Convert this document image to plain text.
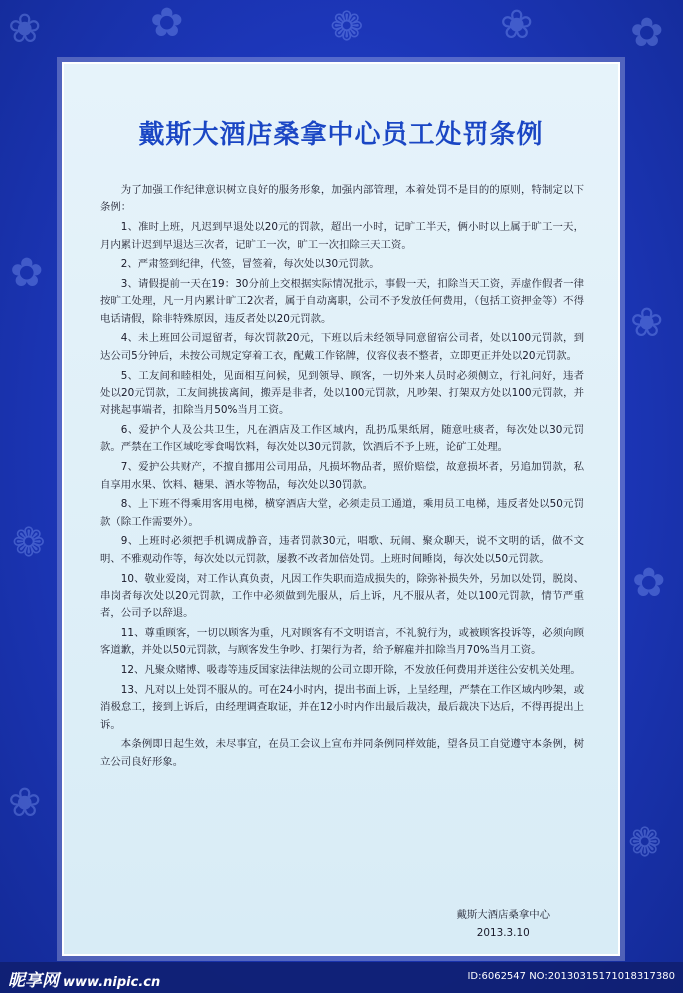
❀	✿	❁	❀ ✿
✿
❁
❀
❀
✿
❁
戴斯大酒店桑拿中心员工处罚条例

为了加强工作纪律意识树立良好的服务形象，加强内部管理，本着处罚不是目的的原则，特制定以下条例：

1、准时上班，凡迟到早退处以20元的罚款，超出一小时，记旷工半天，俩小时以上属于旷工一天，月内累计迟到早退达三次者，记旷工一次，旷工一次扣除三天工资。

2、严肃签到纪律，代签，冒签着，每次处以30元罚款。

3、请假提前一天在19：30分前上交根据实际情况批示，事假一天，扣除当天工资，弄虚作假者一律按旷工处理，凡一月内累计旷工2次者，属于自动离职，公司不予发放任何费用，（包括工资押金等）不得电话请假，除非特殊原因，违反者处以20元罚款。

4、未上班回公司逗留者，每次罚款20元，下班以后未经领导同意留宿公司者，处以100元罚款，到达公司5分钟后，未按公司规定穿着工衣，配戴工作铭牌，仪容仪表不整者，立即更正并处以20元罚款。

5、工友间和睦相处，见面相互问候，见到领导、顾客，一切外来人员时必须侧立，行礼问好，违者处以20元罚款，工友间挑拔离间，搬弄是非者，处以100元罚款，凡吵架、打架双方处以100元罚款，并对挑起事端者，扣除当月50%当月工资。

6、爱护个人及公共卫生，凡在酒店及工作区域内，乱扔瓜果纸屑，随意吐痰者，每次处以30元罚款。严禁在工作区域吃零食喝饮料，每次处以30元罚款，饮酒后不予上班，论矿工处理。

7、爱护公共财产，不擅自挪用公司用品，凡损坏物品者，照价赔偿，故意损坏者，另追加罚款，私自享用水果、饮料、糖果、酒水等物品，每次处以30罚款。

8、上下班不得乘用客用电梯，横穿酒店大堂，必须走员工通道，乘用员工电梯，违反者处以50元罚款（除工作需要外）。

9、上班时必须把手机调成静音，违者罚款30元，唱歌、玩闹、聚众聊天，说不文明的话，做不文明、不雅观动作等，每次处以元罚款，屡教不改者加倍处罚。上班时间睡岗，每次处以50元罚款。

10、敬业爱岗，对工作认真负责，凡因工作失职而造成损失的，除弥补损失外，另加以处罚，脱岗、串岗者每次处以20元罚款，工作中必须做到先服从，后上诉，凡不服从者，处以100元罚款，情节严重者，公司予以辞退。

11、尊重顾客，一切以顾客为重，凡对顾客有不文明语言，不礼貌行为，或被顾客投诉等，必须向顾客道歉，并处以50元罚款，与顾客发生争吵、打架行为者，给予解雇并扣除当月70%当月工资。

12、凡聚众赌博、吸毒等违反国家法律法规的公司立即开除，不发放任何费用并送往公安机关处理。

13、凡对以上处罚不服从的。可在24小时内，提出书面上诉，上呈经理，严禁在工作区域内吵架，或消极怠工，接到上诉后，由经理调查取证，并在12小时内作出最后裁决，最后裁决下达后，不得再提出上诉。

本条例即日起生效，未尽事宜，在员工会议上宣布并同条例同样效能，望各员工自觉遵守本条例，树立公司良好形象。

戴斯大酒店桑拿中心
2013.3.10
昵享网 www.nipic.cn	ID:6062547 NO:20130315171018317380
